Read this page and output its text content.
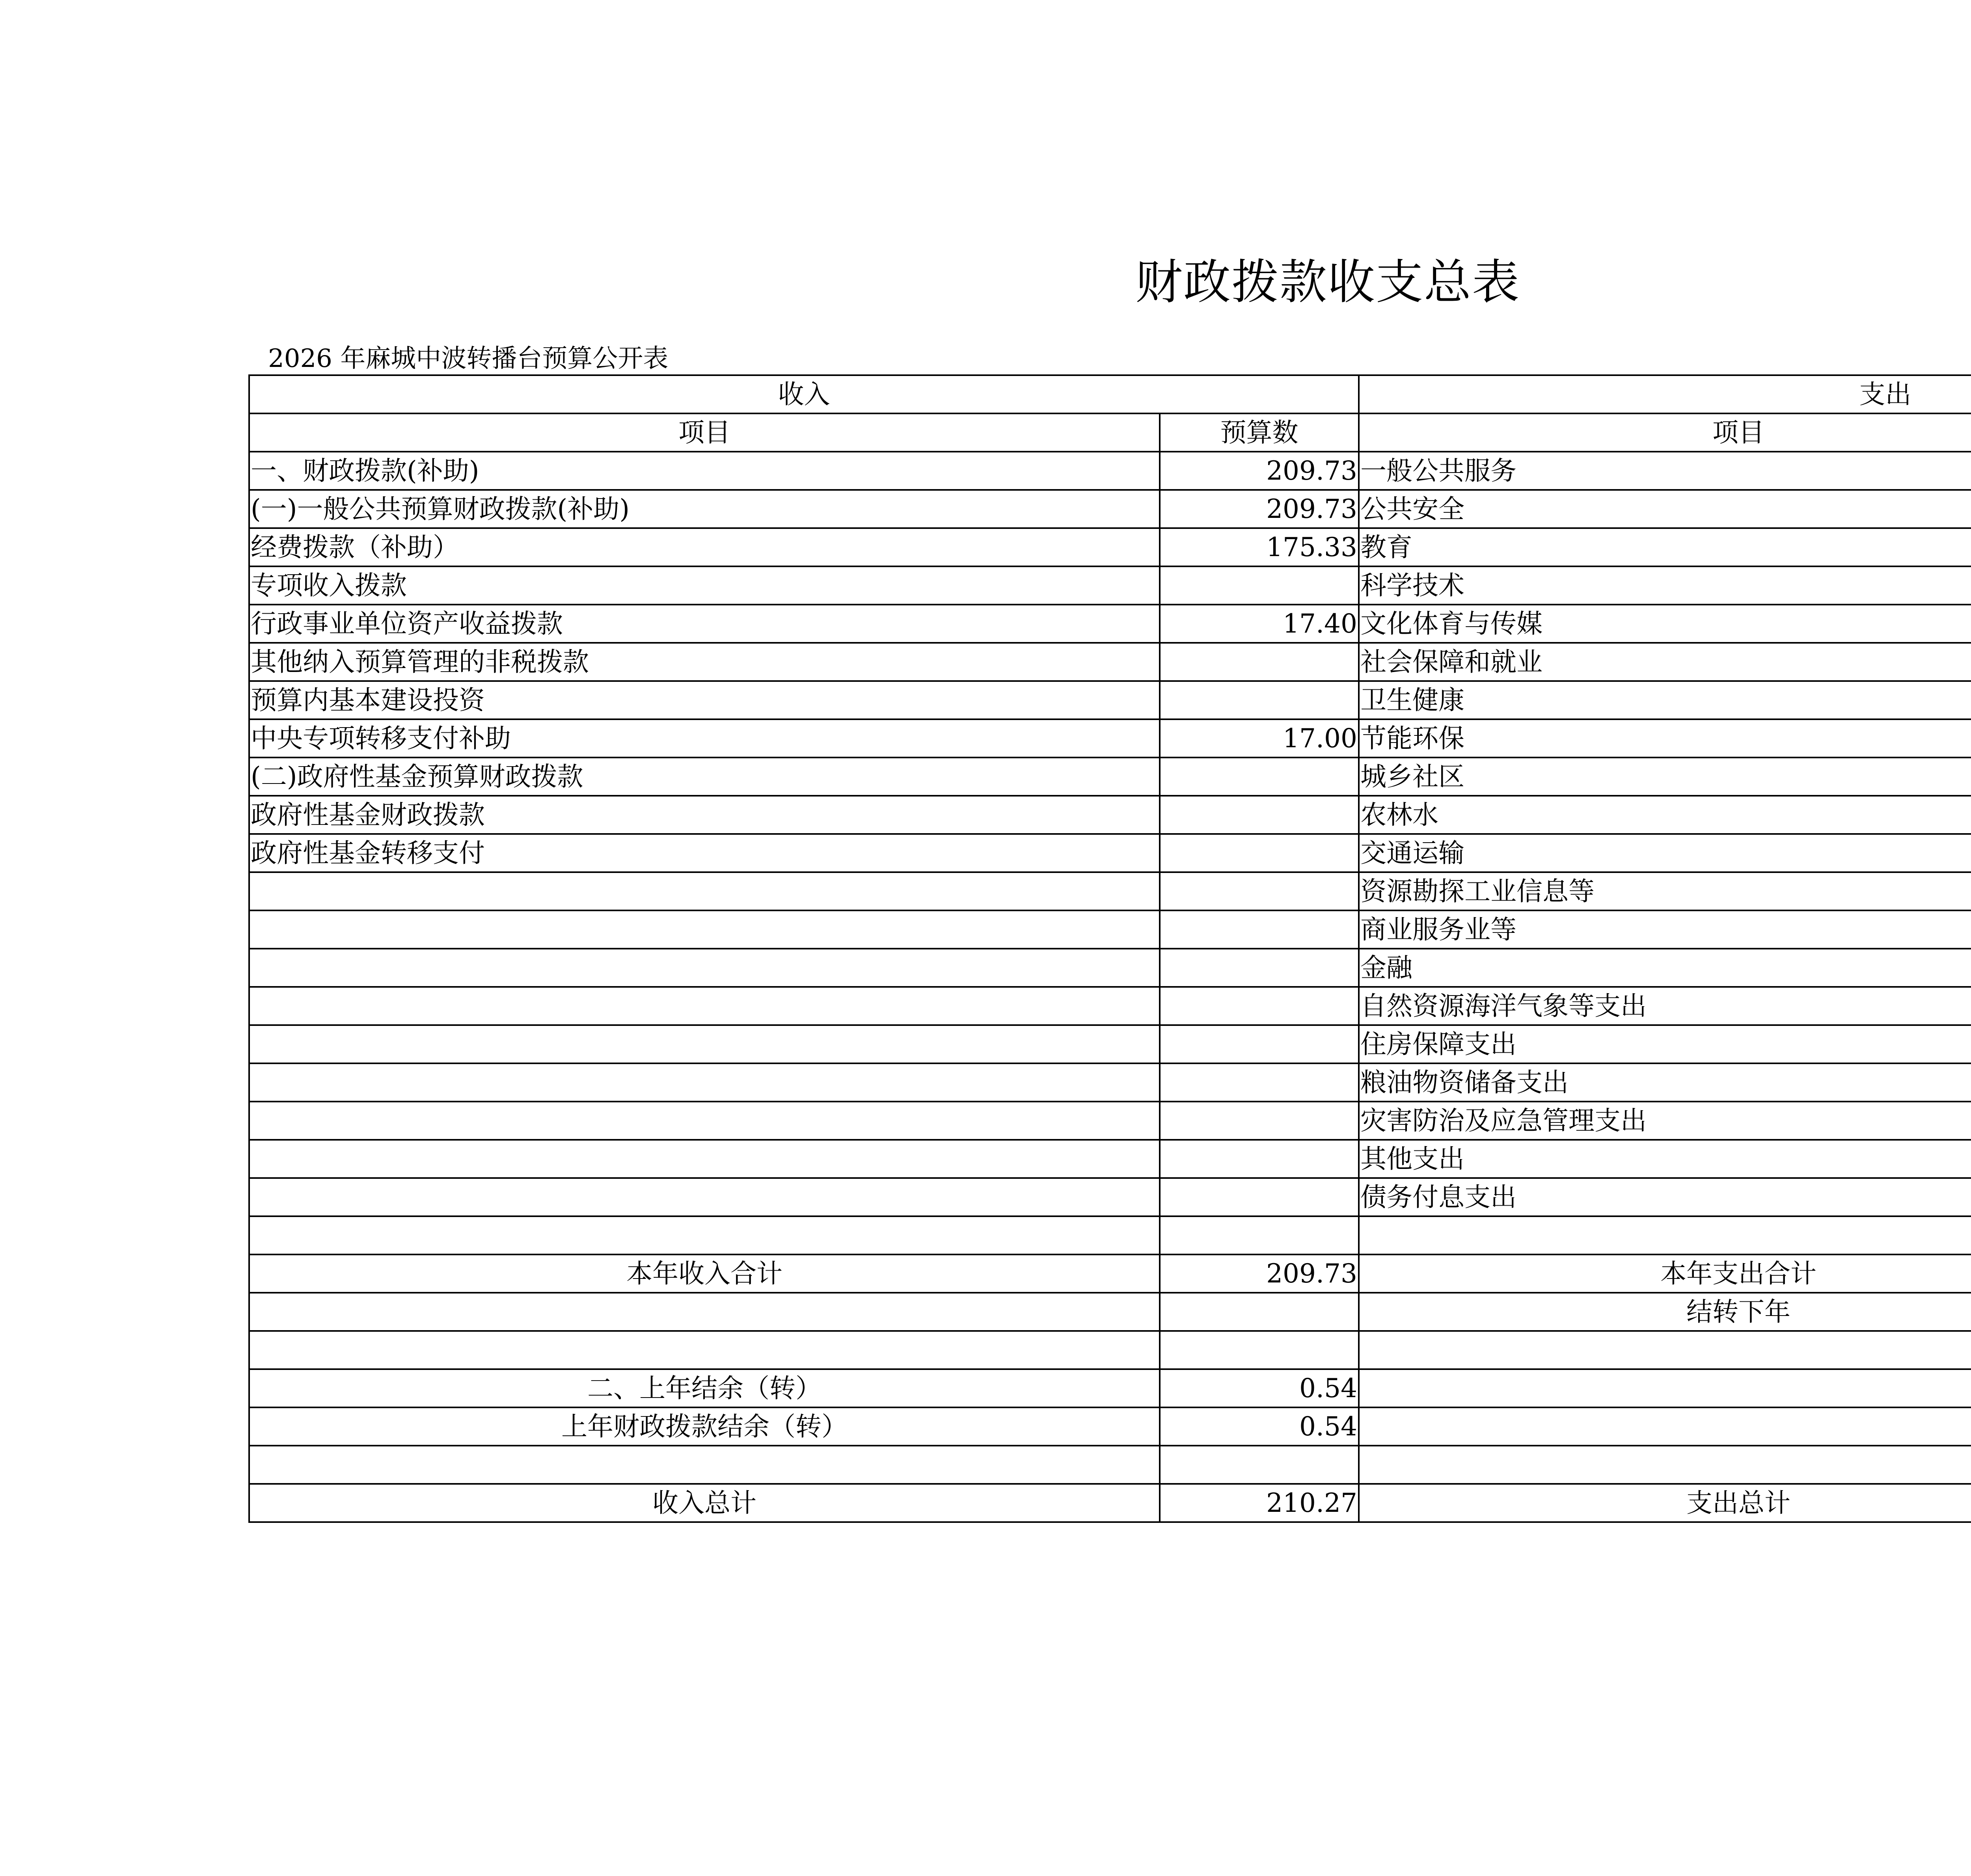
财政拨款收支总表
2026 年麻城中波转播台预算公开表
收入		支出	
项目	预算数	项目	
一、财政拨款(补助)	209.73	一般公共服务	
(一)一般公共预算财政拨款(补助)	209.73	公共安全	
经费拨款（补助）	175.33	教育	
专项收入拨款		科学技术	
行政事业单位资产收益拨款	17.40	文化体育与传媒	
其他纳入预算管理的非税拨款		社会保障和就业	
预算内基本建设投资		卫生健康	
中央专项转移支付补助	17.00	节能环保	
(二)政府性基金预算财政拨款		城乡社区	
政府性基金财政拨款		农林水	
政府性基金转移支付		交通运输	
		资源勘探工业信息等	
		商业服务业等	
		金融	
		自然资源海洋气象等支出	
		住房保障支出	
		粮油物资储备支出	
		灾害防治及应急管理支出	
		其他支出	
		债务付息支出	

本年收入合计	209.73	本年支出合计	
		结转下年	

二、上年结余（转）	0.54		
上年财政拨款结余（转）	0.54		

收入总计	210.27	支出总计	
